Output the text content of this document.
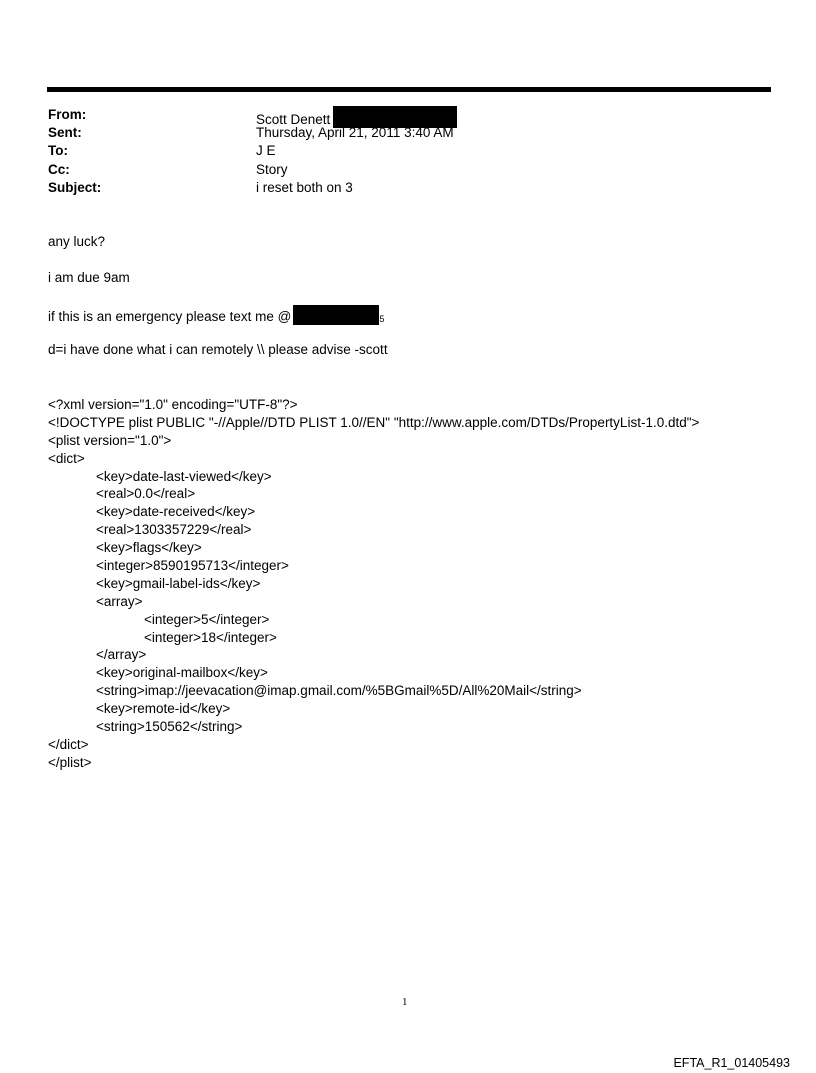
From:	Scott Denett
Sent:	Thursday, April 21, 2011 3:40 AM
To:	J E
Cc:	Story
Subject:	i reset both on 3
any luck?
i am due 9am
if this is an emergency please text me @	5
d=i have done what i can remotely \\ please advise -scott
<?xml version="1.0" encoding="UTF-8"?>
<!DOCTYPE plist PUBLIC "-//Apple//DTD PLIST 1.0//EN" "http://www.apple.com/DTDs/PropertyList-1.0.dtd">
<plist version="1.0">
<dict>
<key>date-last-viewed</key>
<real>0.0</real>
<key>date-received</key>
<real>1303357229</real>
<key>flags</key>
<integer>8590195713</integer>
<key>gmail-label-ids</key>
<array>
<integer>5</integer>
<integer>18</integer>
</array>
<key>original-mailbox</key>
<string>imap://jeevacation@imap.gmail.com/%5BGmail%5D/All%20Mail</string>
<key>remote-id</key>
<string>150562</string>
</dict>
</plist>
1
EFTA_R1_01405493
